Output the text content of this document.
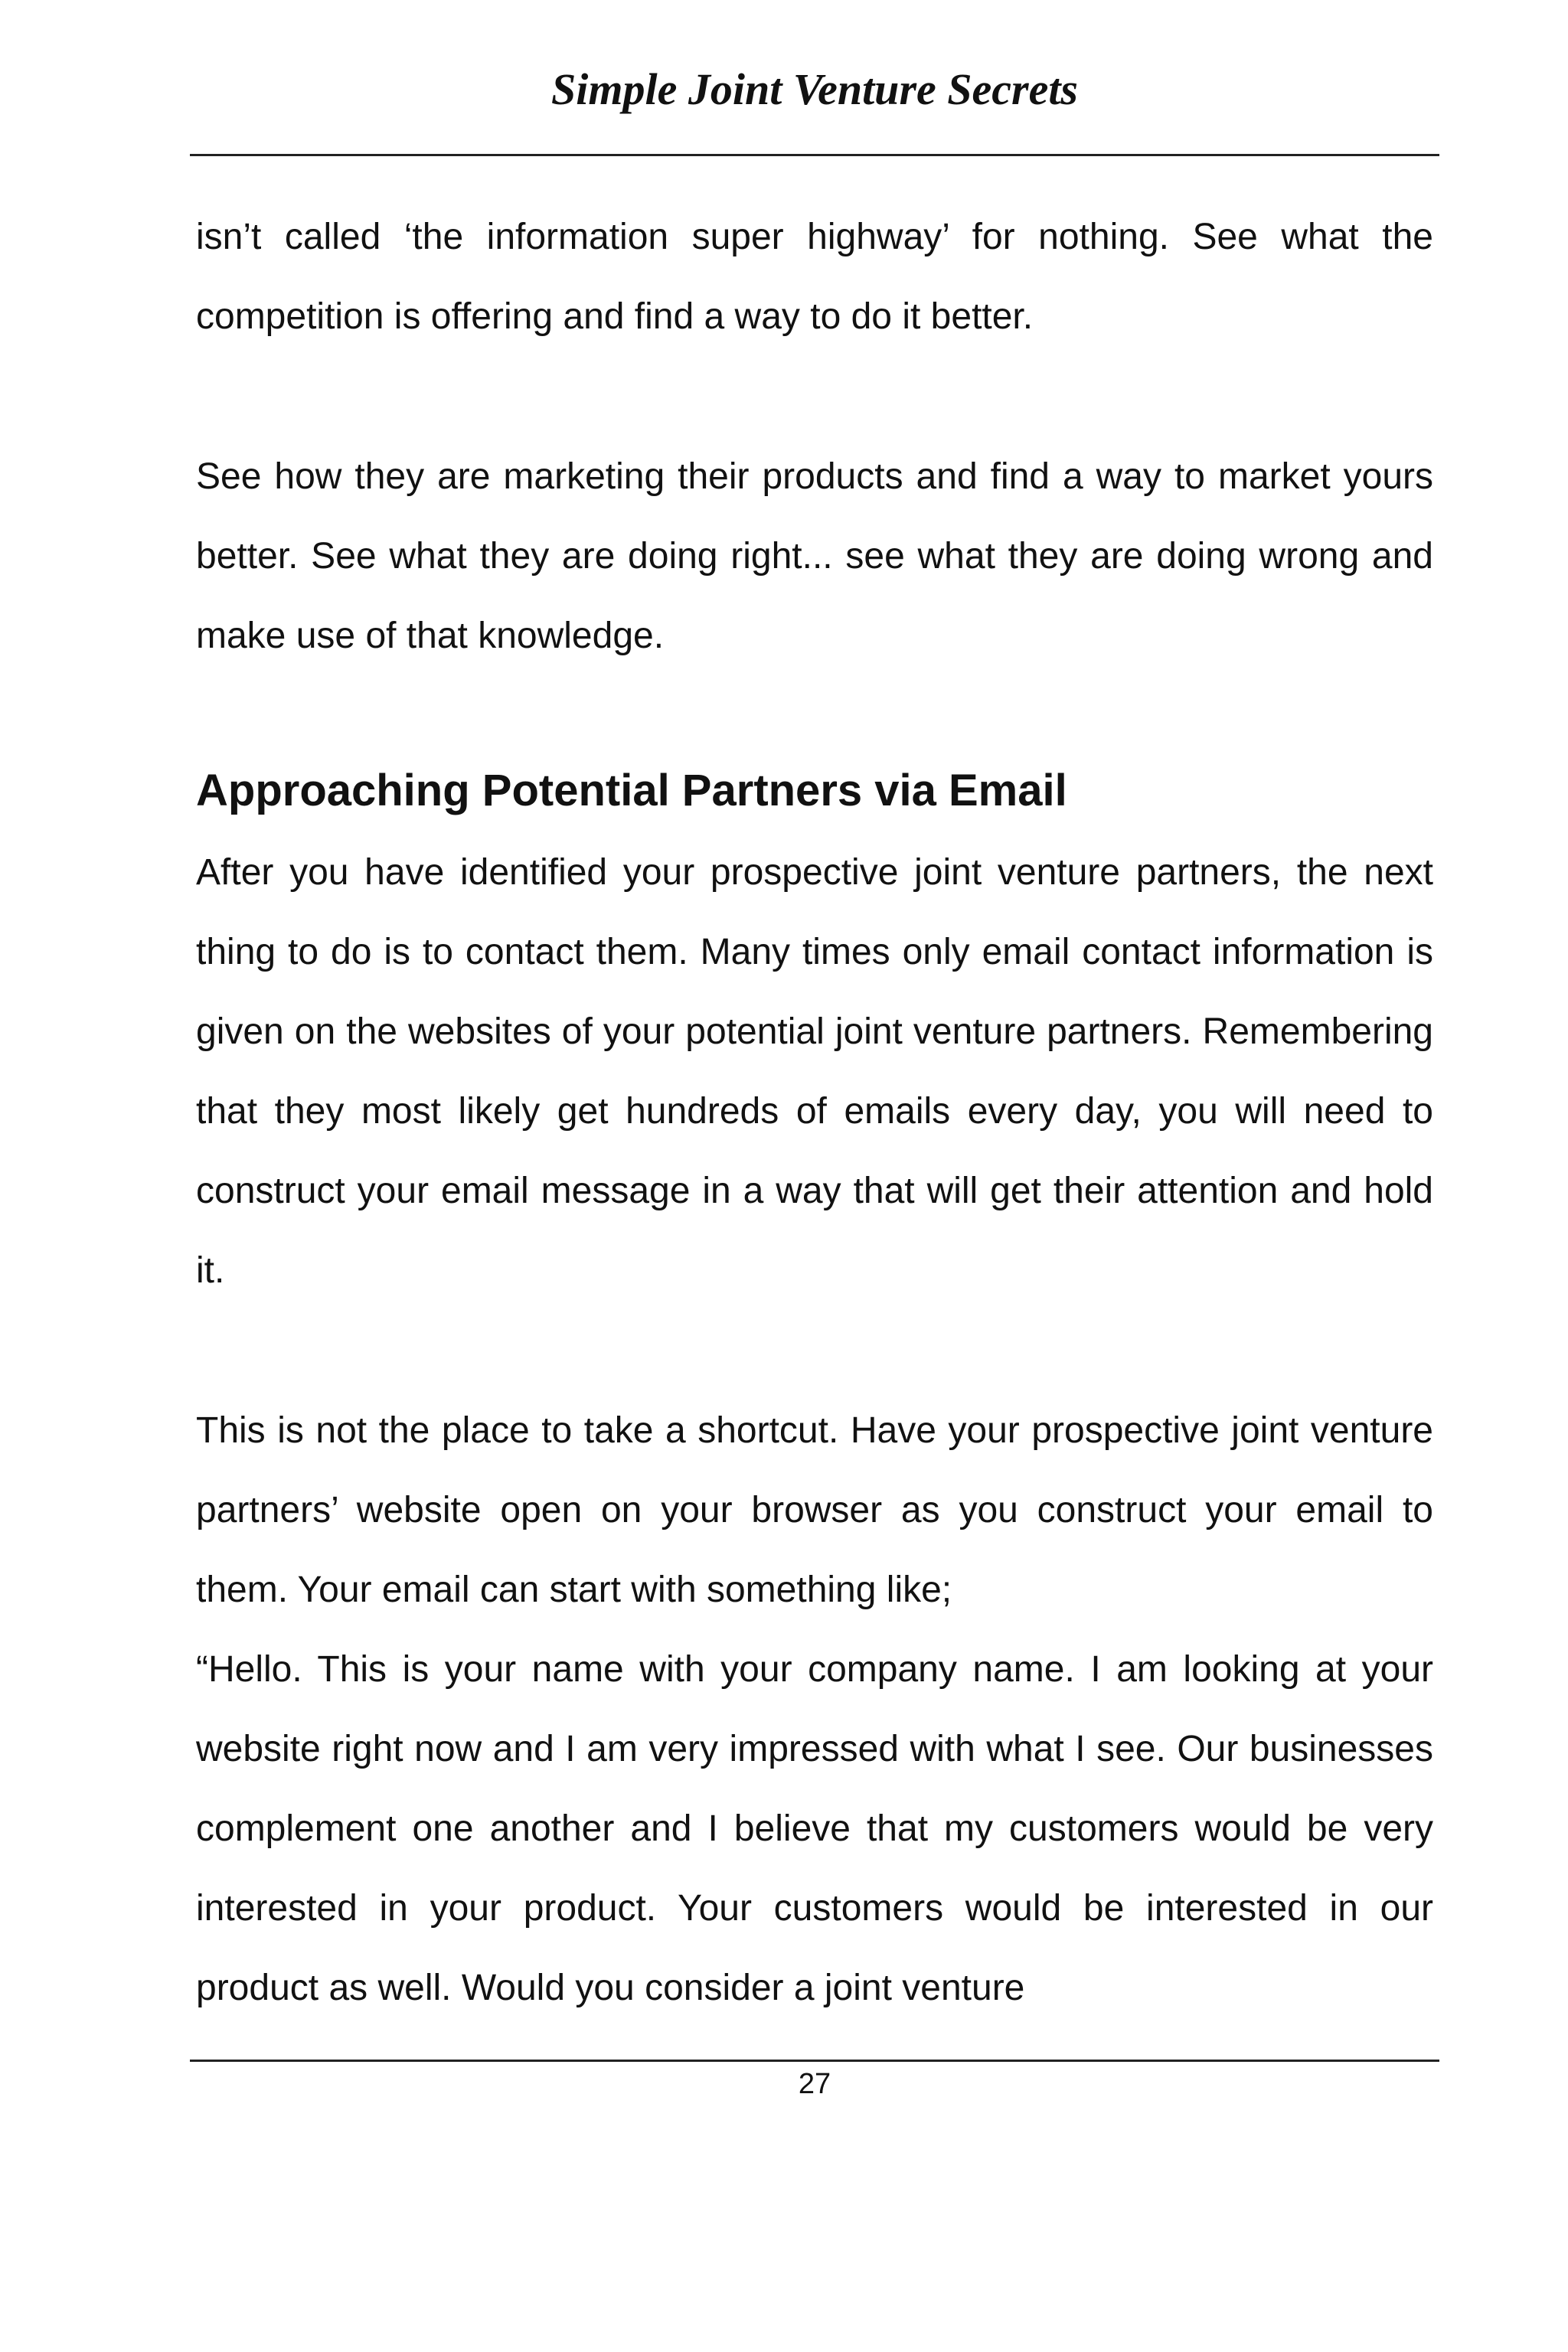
Simple Joint Venture Secrets

isn’t called ‘the information super highway’ for nothing. See what the competition is offering and find a way to do it better.

See how they are marketing their products and find a way to market yours better. See what they are doing right... see what they are doing wrong and make use of that knowledge.

Approaching Potential Partners via Email

After you have identified your prospective joint venture partners, the next thing to do is to contact them. Many times only email contact information is given on the websites of your potential joint venture partners. Remembering that they most likely get hundreds of emails every day, you will need to construct your email message in a way that will get their attention and hold it.

This is not the place to take a shortcut. Have your prospective joint venture partners’ website open on your browser as you construct your email to them. Your email can start with something like;

“Hello. This is your name with your company name. I am looking at your website right now and I am very impressed with what I see. Our businesses complement one another and I believe that my customers would be very interested in your product. Your customers would be interested in our product as well. Would you consider a joint venture

27
